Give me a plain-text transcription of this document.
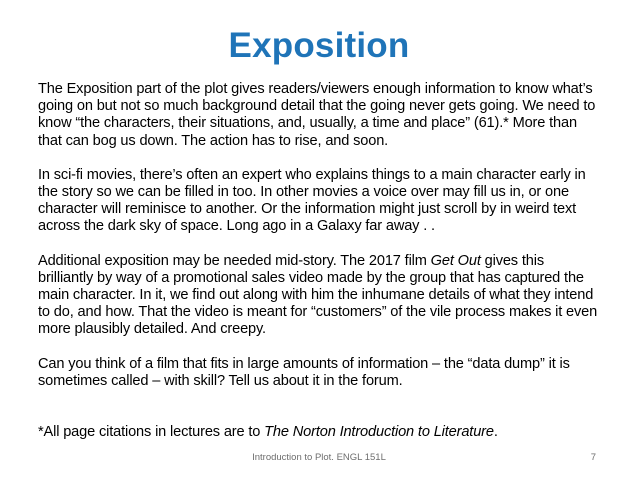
Exposition

The Exposition part of the plot gives readers/viewers enough information to know what’s going on but not so much background detail that the going never gets going. We need to know “the characters, their situations, and, usually, a time and place” (61).* More than that can bog us down. The action has to rise, and soon.

In sci-fi movies, there’s often an expert who explains things to a main character early in the story so we can be filled in too. In other movies a voice over may fill us in, or one character will reminisce to another. Or the information might just scroll by in weird text across the dark sky of space. Long ago in a Galaxy far away . .

Additional exposition may be needed mid-story. The 2017 film Get Out gives this brilliantly by way of a promotional sales video made by the group that has captured the main character. In it, we find out along with him the inhumane details of what they intend to do, and how. That the video is meant for “customers” of the vile process makes it even more plausibly detailed. And creepy.

Can you think of a film that fits in large amounts of information – the “data dump” it is sometimes called – with skill? Tell us about it in the forum.

*All page citations in lectures are to The Norton Introduction to Literature.

Introduction to Plot. ENGL 151L	7
